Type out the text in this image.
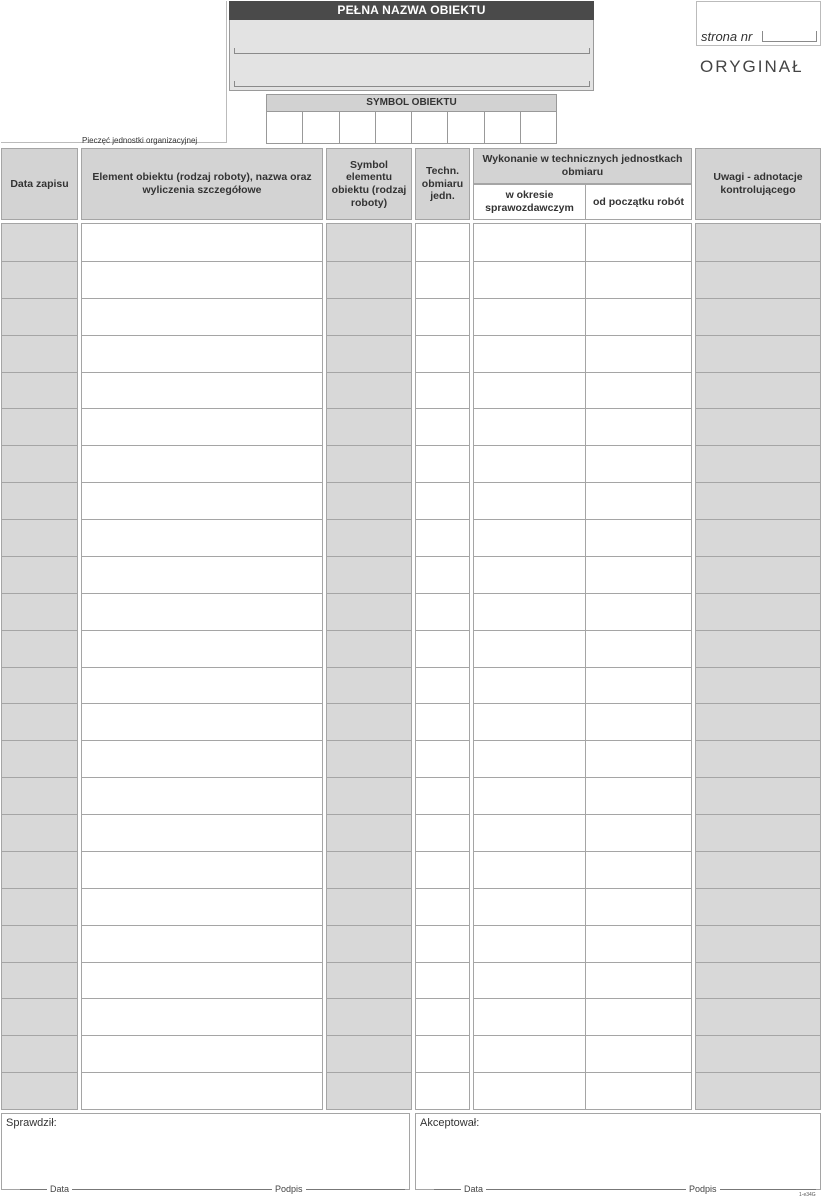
Pieczęć jednostki organizacyjnej
PEŁNA NAZWA OBIEKTU
SYMBOL OBIEKTU
strona nr
ORYGINAŁ
Data zapisu
Element obiektu (rodzaj roboty), nazwa oraz wyliczenia szczegółowe
Symbol elementu obiektu (rodzaj roboty)
Techn. obmiaru jedn.
Wykonanie w technicznych jednostkach obmiaru
w okresie sprawozdawczym
od początku robót
Uwagi - adnotacje kontrolującego
Sprawdził:
Data	Podpis
Akceptował:
Data	Podpis
1-e34G
